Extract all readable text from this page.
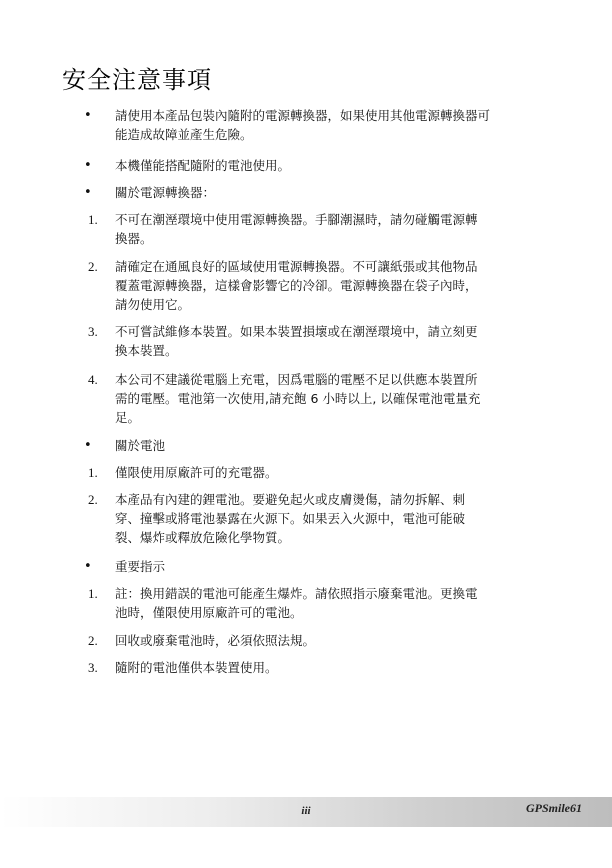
安全注意事項
• 請使用本產品包裝內隨附的電源轉換器，如果使用其他電源轉換器可
能造成故障並產生危險。
• 本機僅能搭配隨附的電池使用。
• 關於電源轉換器：
1. 不可在潮溼環境中使用電源轉換器。手腳潮濕時，請勿碰觸電源轉
換器。
2. 請確定在通風良好的區域使用電源轉換器。不可讓紙張或其他物品
覆蓋電源轉換器，這樣會影響它的冷卻。電源轉換器在袋子內時，
請勿使用它。
3. 不可嘗試維修本裝置。如果本裝置損壞或在潮溼環境中，請立刻更
換本裝置。
4. 本公司不建議從電腦上充電，因爲電腦的電壓不足以供應本裝置所
需的電壓。電池第一次使用,請充飽 6 小時以上, 以確保電池電量充
足。
• 關於電池
1. 僅限使用原廠許可的充電器。
2. 本產品有內建的鋰電池。要避免起火或皮膚燙傷，請勿拆解、刺
穿、撞擊或將電池暴露在火源下。如果丟入火源中，電池可能破
裂、爆炸或釋放危險化學物質。
• 重要指示
1. 註：換用錯誤的電池可能產生爆炸。請依照指示廢棄電池。更換電
池時，僅限使用原廠許可的電池。
2. 回收或廢棄電池時，必須依照法規。
3. 隨附的電池僅供本裝置使用。
iii	GPSmile61
